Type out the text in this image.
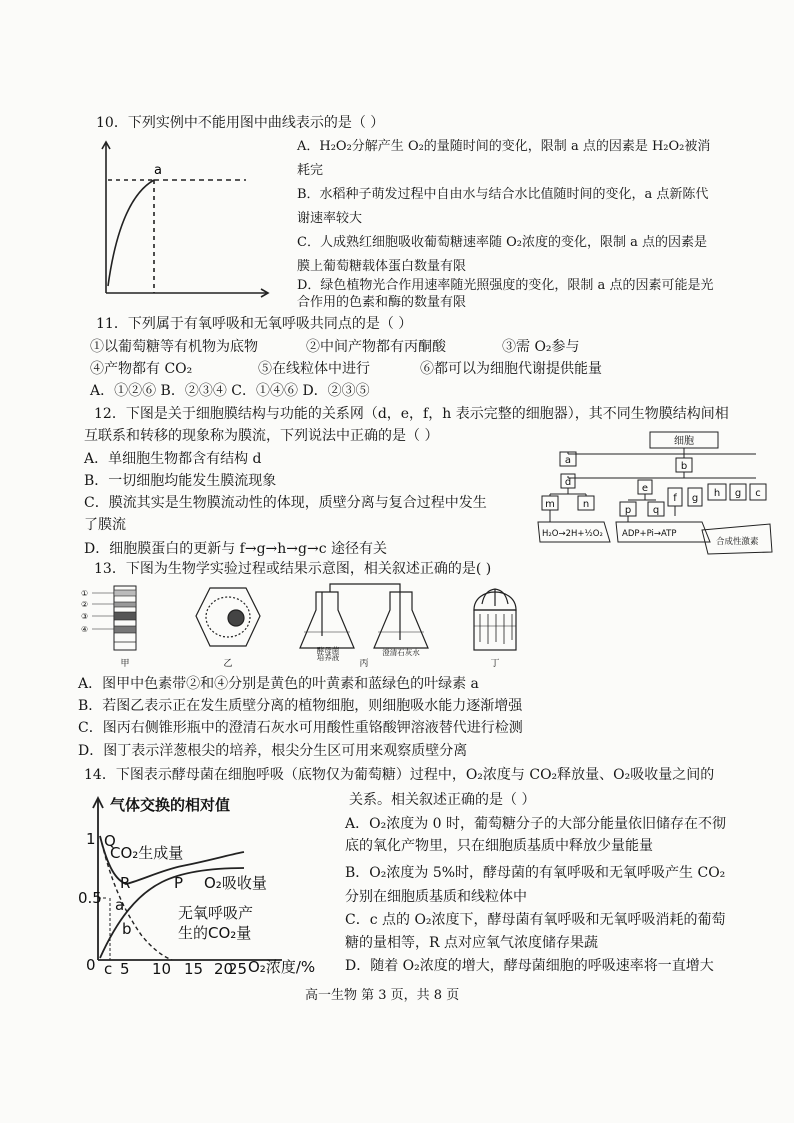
10．下列实例中不能用图中曲线表示的是（ ）
a
A．H₂O₂分解产生 O₂的量随时间的变化，限制 a 点的因素是 H₂O₂被消
耗完
B．水稻种子萌发过程中自由水与结合水比值随时间的变化，a 点新陈代
谢速率较大
C．人成熟红细胞吸收葡萄糖速率随 O₂浓度的变化，限制 a 点的因素是
膜上葡萄糖载体蛋白数量有限
D．绿色植物光合作用速率随光照强度的变化，限制 a 点的因素可能是光
合作用的色素和酶的数量有限
11．下列属于有氧呼吸和无氧呼吸共同点的是（ ）
①以葡萄糖等有机物为底物	②中间产物都有丙酮酸	③需 O₂参与
④产物都有 CO₂	⑤在线粒体中进行	⑥都可以为细胞代谢提供能量
A．①②⑥ B．②③④ C．①④⑥ D．②③⑤
12．下图是关于细胞膜结构与功能的关系网（d，e，f，h 表示完整的细胞器），其不同生物膜结构间相
互联系和转移的现象称为膜流，下列说法中正确的是（ ）
A．单细胞生物都含有结构 d
B．一切细胞均能发生膜流现象
C．膜流其实是生物膜流动性的体现，质壁分离与复合过程中发生
了膜流
D．细胞膜蛋白的更新与 f→g→h→g→c 途径有关
细胞
a
b
d
m	n
e
p q
f g h g c
H₂O→2H+½O₂ ADP+Pi→ATP
合成性激素
13．下图为生物学实验过程或结果示意图，相关叙述正确的是( )
①
②
③
④
甲	乙	丙	丁
酵母菌
培养液
澄清石灰水
A．图甲中色素带②和④分别是黄色的叶黄素和蓝绿色的叶绿素 a
B．若图乙表示正在发生质壁分离的植物细胞，则细胞吸水能力逐渐增强
C．图丙右侧锥形瓶中的澄清石灰水可用酸性重铬酸钾溶液替代进行检测
D．图丁表示洋葱根尖的培养，根尖分生区可用来观察质壁分离
14．下图表示酵母菌在细胞呼吸（底物仅为葡萄糖）过程中，O₂浓度与 CO₂释放量、O₂吸收量之间的
关系。相关叙述正确的是（ ）
气体交换的相对值
CO₂生成量
O₂吸收量
无氧呼吸产
生的CO₂量
O₂浓度/%
Q
R	P
a
b
1
0.5
0 c 5 10 15 20
25
A．O₂浓度为 0 时，葡萄糖分子的大部分能量依旧储存在不彻
底的氧化产物里，只在细胞质基质中释放少量能量
B．O₂浓度为 5%时，酵母菌的有氧呼吸和无氧呼吸产生 CO₂
分别在细胞质基质和线粒体中
C．c 点的 O₂浓度下，酵母菌有氧呼吸和无氧呼吸消耗的葡萄
糖的量相等，R 点对应氧气浓度储存果蔬
D．随着 O₂浓度的增大，酵母菌细胞的呼吸速率将一直增大
高一生物 第 3 页，共 8 页
